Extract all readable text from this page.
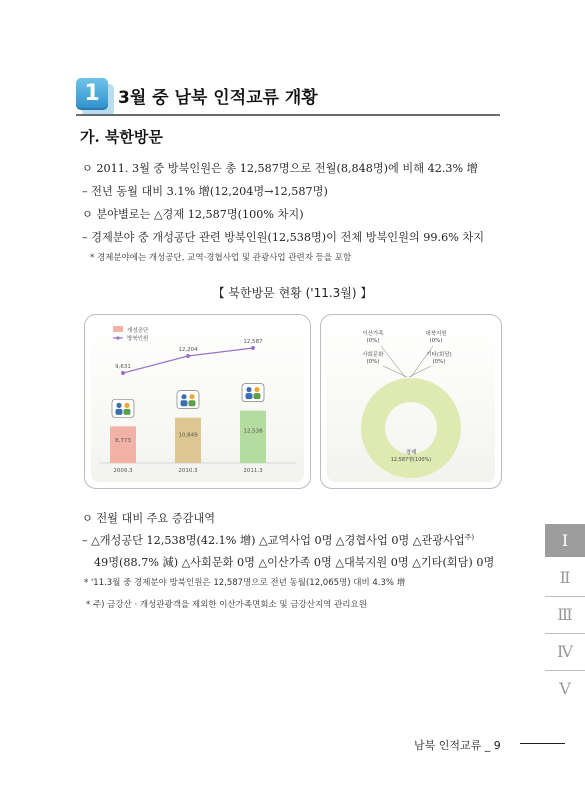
1	3월 중 남북 인적교류 개황
가. 북한방문
ㅇ 2011. 3월 중 방북인원은 총 12,587명으로 전월(8,848명)에 비해 42.3% 增
– 전년 동월 대비 3.1% 增(12,204명→12,587명)
ㅇ 분야별로는 △경제 12,587명(100% 차지)
– 경제분야 중 개성공단 관련 방북인원(12,538명)이 전체 방북인원의 99.6% 차지
* 경제분야에는 개성공단, 교역·경협사업 및 관광사업 관련자 등을 포함
【 북한방문 현황 ('11.3월) 】
개성공단
방북인원
8,773
2009.3
10,849
2010.3
12,538
2011.3
9,631
12,204
12,587
이산가족
(0%)
대북지원
(0%)
사회문화
(0%)
기타(회담)
(0%)
경제
12,587명(100%)
ㅇ 전월 대비 주요 증감내역
– △개성공단 12,538명(42.1% 增) △교역사업 0명 △경협사업 0명 △관광사업$^{주)}$
49명(88.7% 減) △사회문화 0명 △이산가족 0명 △대북지원 0명 △기타(회담) 0명
* '11.3월 중 경제분야 방북인원은 12,587명으로 전년 동월(12,065명) 대비 4.3% 增
* 주) 금강산 · 개성관광객을 제외한 이산가족면회소 및 금강산지역 관리요원
Ⅰ
Ⅱ
Ⅲ
Ⅳ
Ⅴ
남북 인적교류 _ 9
